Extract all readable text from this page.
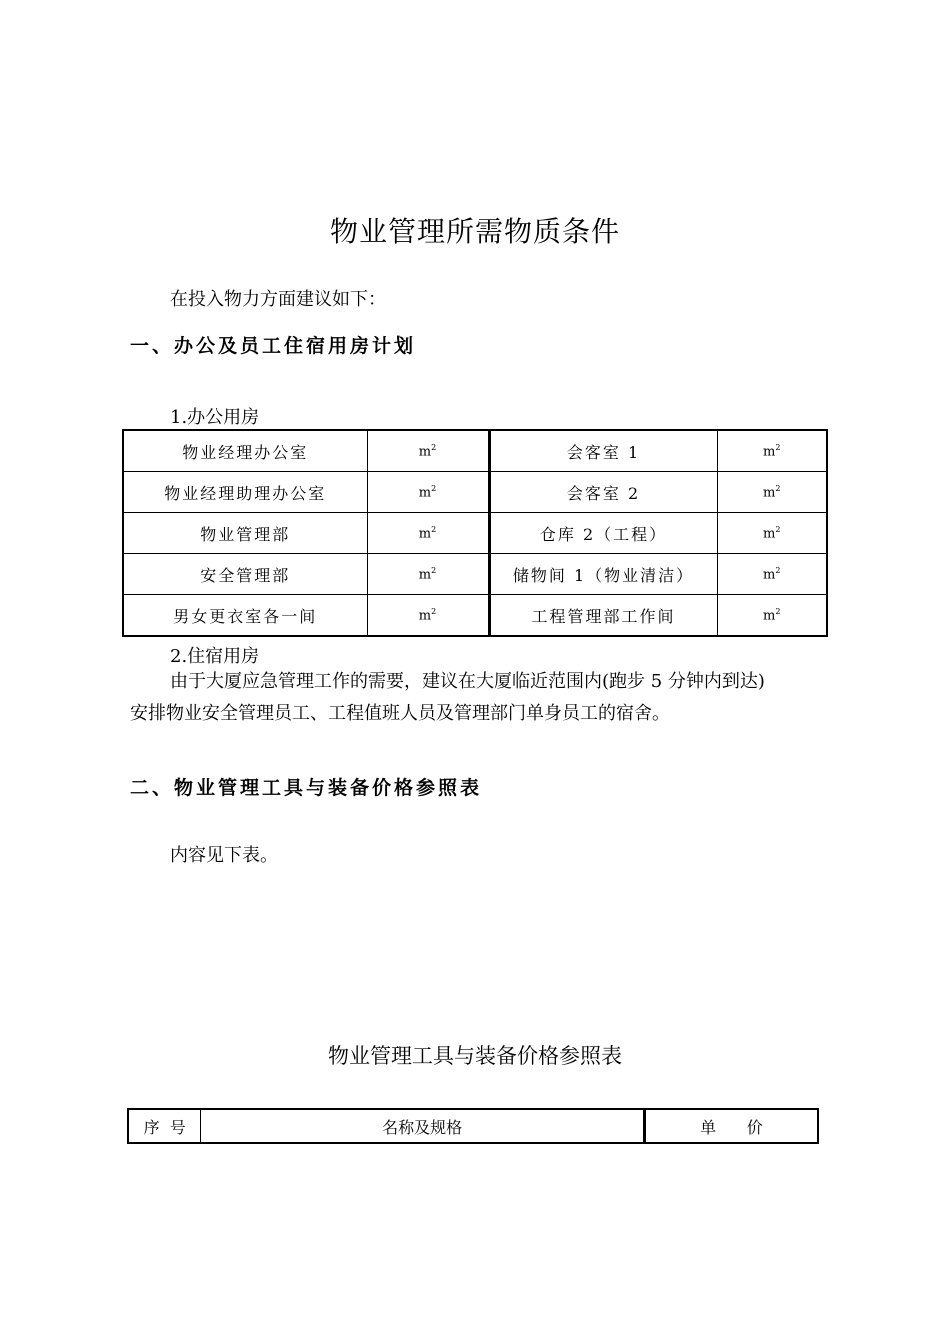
物业管理所需物质条件
在投入物力方面建议如下：
一、办公及员工住宿用房计划
1.办公用房
物业经理办公室	$m^2$	会客室 1	$m^2$
物业经理助理办公室	$m^2$	会客室 2	$m^2$
物业管理部	$m^2$	仓库 2（工程）	$m^2$
安全管理部	$m^2$	储物间 1（物业清洁）	$m^2$
男女更衣室各一间	$m^2$	工程管理部工作间	$m^2$
2.住宿用房
由于大厦应急管理工作的需要，建议在大厦临近范围内(跑步 5 分钟内到达)
安排物业安全管理员工、工程值班人员及管理部门单身员工的宿舍。
二、物业管理工具与装备价格参照表
内容见下表。
物业管理工具与装备价格参照表
序  号	名称及规格	单      价
